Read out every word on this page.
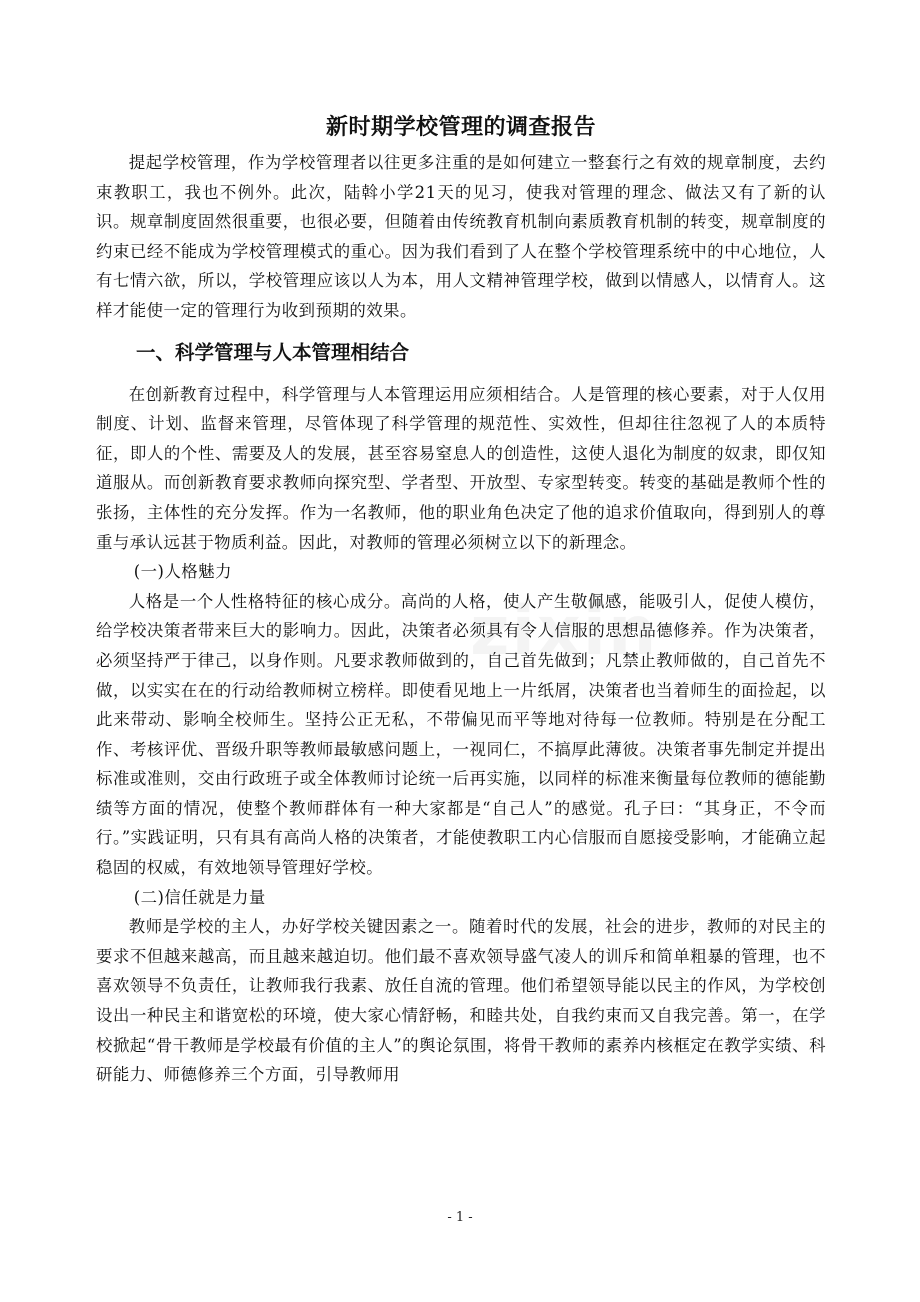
新时期学校管理的调查报告

提起学校管理，作为学校管理者以往更多注重的是如何建立一整套行之有效的规章制度，去约束教职工，我也不例外。此次，陆斡小学21天的见习，使我对管理的理念、做法又有了新的认识。规章制度固然很重要，也很必要，但随着由传统教育机制向素质教育机制的转变，规章制度的约束已经不能成为学校管理模式的重心。因为我们看到了人在整个学校管理系统中的中心地位，人有七情六欲，所以，学校管理应该以人为本，用人文精神管理学校，做到以情感人，以情育人。这样才能使一定的管理行为收到预期的效果。

一、科学管理与人本管理相结合

在创新教育过程中，科学管理与人本管理运用应须相结合。人是管理的核心要素，对于人仅用制度、计划、监督来管理，尽管体现了科学管理的规范性、实效性，但却往往忽视了人的本质特征，即人的个性、需要及人的发展，甚至容易窒息人的创造性，这使人退化为制度的奴隶，即仅知道服从。而创新教育要求教师向探究型、学者型、开放型、专家型转变。转变的基础是教师个性的张扬，主体性的充分发挥。作为一名教师，他的职业角色决定了他的追求价值取向，得到别人的尊重与承认远甚于物质利益。因此，对教师的管理必须树立以下的新理念。

(一)人格魅力

人格是一个人性格特征的核心成分。高尚的人格，使人产生敬佩感，能吸引人，促使人模仿，给学校决策者带来巨大的影响力。因此，决策者必须具有令人信服的思想品德修养。作为决策者，必须坚持严于律己，以身作则。凡要求教师做到的，自己首先做到；凡禁止教师做的，自己首先不做，以实实在在的行动给教师树立榜样。即使看见地上一片纸屑，决策者也当着师生的面捡起，以此来带动、影响全校师生。坚持公正无私，不带偏见而平等地对待每一位教师。特别是在分配工作、考核评优、晋级升职等教师最敏感问题上，一视同仁，不搞厚此薄彼。决策者事先制定并提出标准或准则，交由行政班子或全体教师讨论统一后再实施，以同样的标准来衡量每位教师的德能勤绩等方面的情况，使整个教师群体有一种大家都是“自己人”的感觉。孔子曰：“其身正，不令而行。”实践证明，只有具有高尚人格的决策者，才能使教职工内心信服而自愿接受影响，才能确立起稳固的权威，有效地领导管理好学校。

(二)信任就是力量

教师是学校的主人，办好学校关键因素之一。随着时代的发展，社会的进步，教师的对民主的要求不但越来越高，而且越来越迫切。他们最不喜欢领导盛气凌人的训斥和简单粗暴的管理，也不喜欢领导不负责任，让教师我行我素、放任自流的管理。他们希望领导能以民主的作风，为学校创设出一种民主和谐宽松的环境，使大家心情舒畅，和睦共处，自我约束而又自我完善。第一，在学校掀起“骨干教师是学校最有价值的主人”的舆论氛围，将骨干教师的素养内核框定在教学实绩、科研能力、师德修养三个方面，引导教师用

- 1 -
